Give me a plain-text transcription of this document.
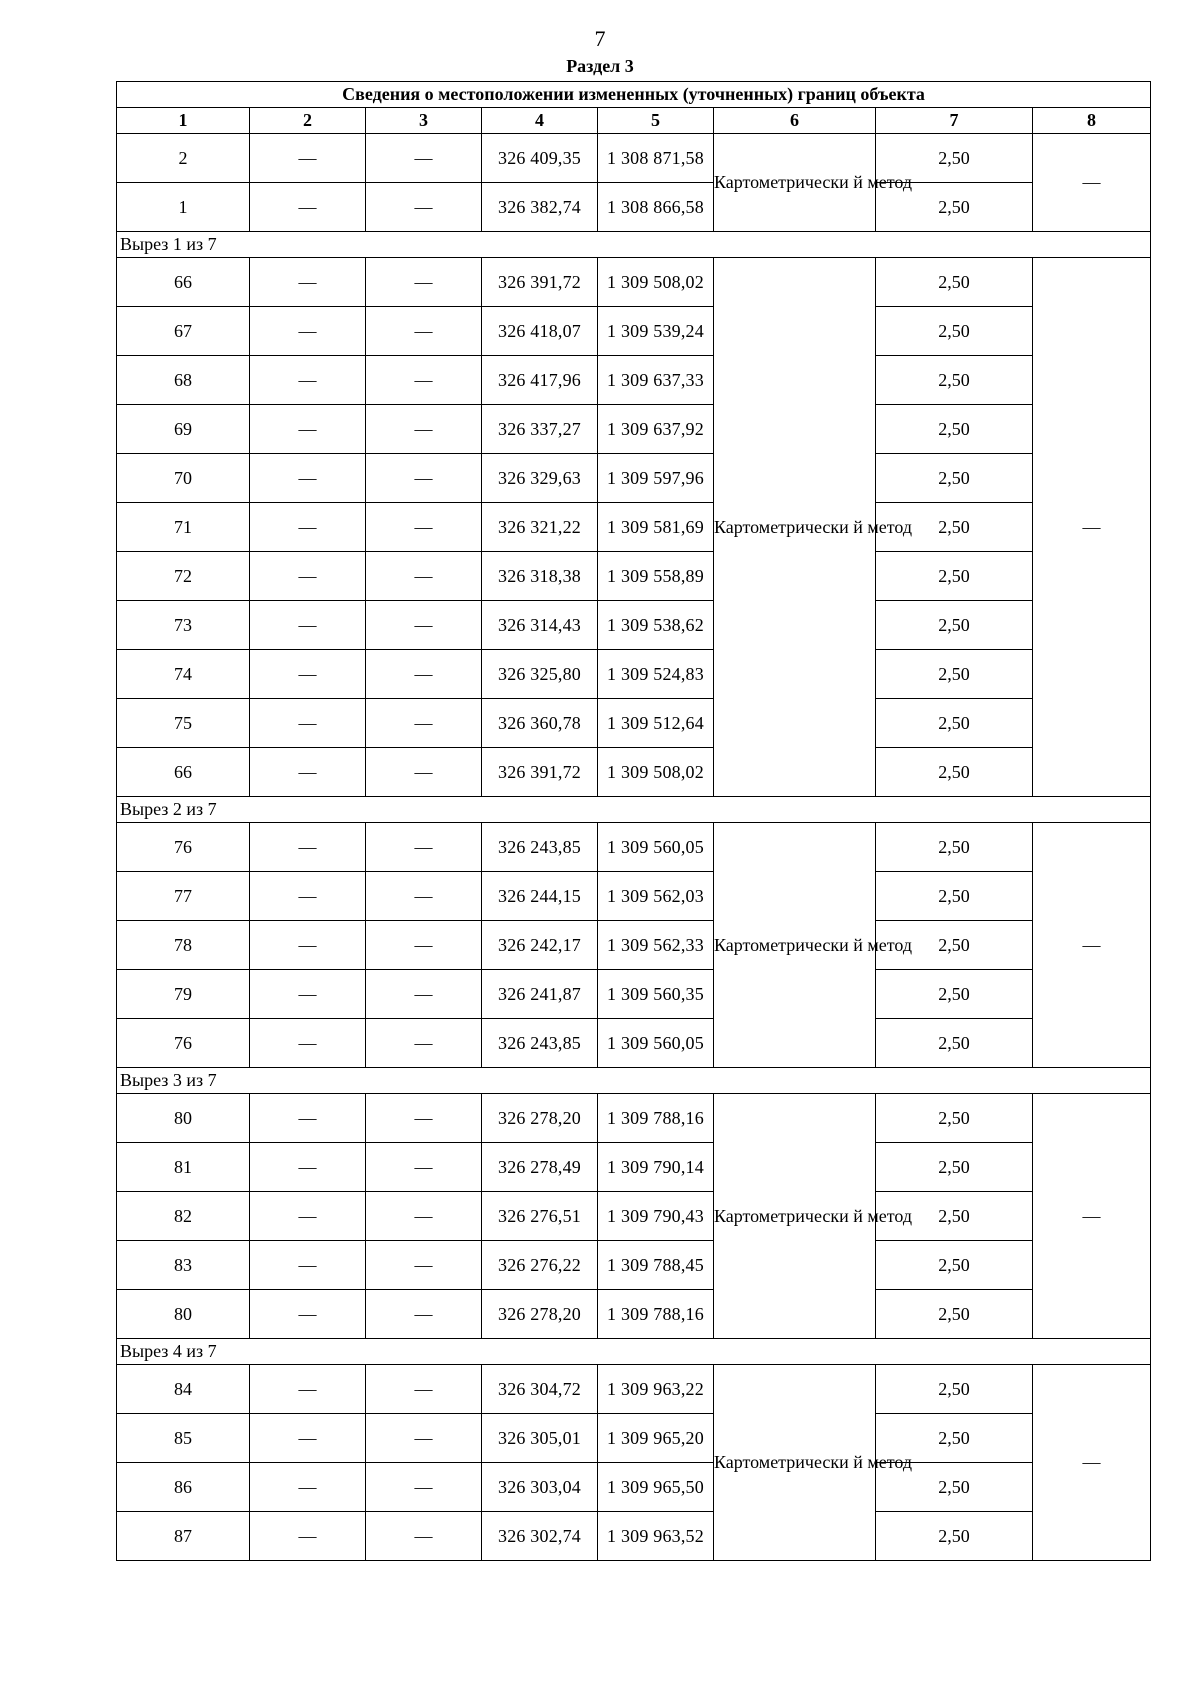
7
Раздел 3
Сведения о местоположении измененных (уточненных) границ объекта							
1	2	3	4	5	6	7	8
2	—	—	326 409,35	1 308 871,58	Картометрически й метод	2,50	—
1	—	—	326 382,74	1 308 866,58		2,50	
Вырез 1 из 7							
66	—	—	326 391,72	1 309 508,02	Картометрически й метод	2,50	—
67	—	—	326 418,07	1 309 539,24		2,50	
68	—	—	326 417,96	1 309 637,33		2,50	
69	—	—	326 337,27	1 309 637,92		2,50	
70	—	—	326 329,63	1 309 597,96		2,50	
71	—	—	326 321,22	1 309 581,69		2,50	
72	—	—	326 318,38	1 309 558,89		2,50	
73	—	—	326 314,43	1 309 538,62		2,50	
74	—	—	326 325,80	1 309 524,83		2,50	
75	—	—	326 360,78	1 309 512,64		2,50	
66	—	—	326 391,72	1 309 508,02		2,50	
Вырез 2 из 7							
76	—	—	326 243,85	1 309 560,05	Картометрически й метод	2,50	—
77	—	—	326 244,15	1 309 562,03		2,50	
78	—	—	326 242,17	1 309 562,33		2,50	
79	—	—	326 241,87	1 309 560,35		2,50	
76	—	—	326 243,85	1 309 560,05		2,50	
Вырез 3 из 7							
80	—	—	326 278,20	1 309 788,16	Картометрически й метод	2,50	—
81	—	—	326 278,49	1 309 790,14		2,50	
82	—	—	326 276,51	1 309 790,43		2,50	
83	—	—	326 276,22	1 309 788,45		2,50	
80	—	—	326 278,20	1 309 788,16		2,50	
Вырез 4 из 7							
84	—	—	326 304,72	1 309 963,22	Картометрически й метод	2,50	—
85	—	—	326 305,01	1 309 965,20		2,50	
86	—	—	326 303,04	1 309 965,50		2,50	
87	—	—	326 302,74	1 309 963,52		2,50	
